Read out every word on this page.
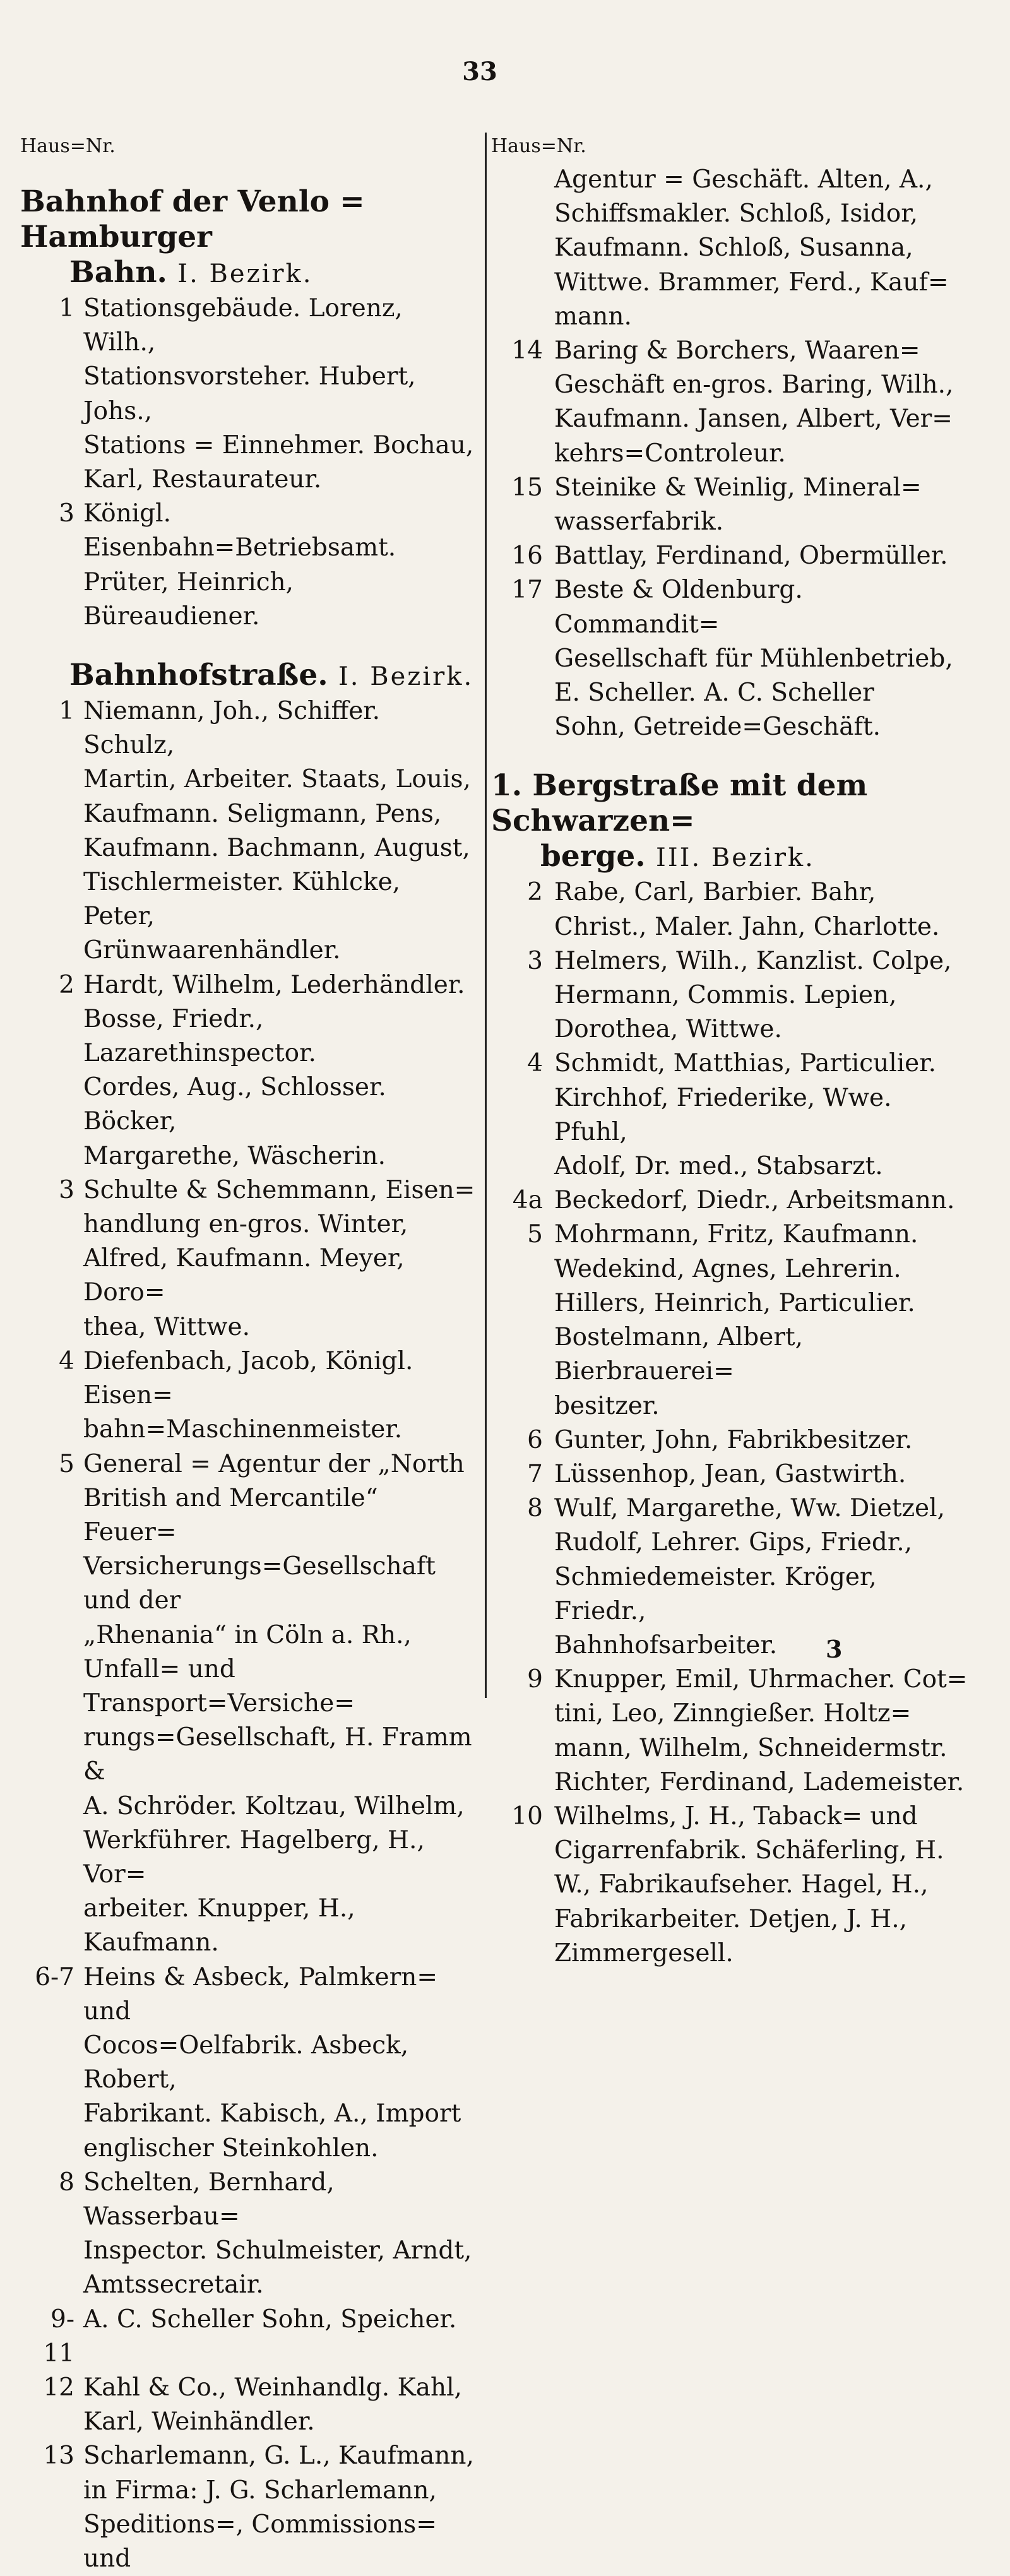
33
Haus=Nr.
Bahnhof der Venlo = Hamburger
Bahn. I. Bezirk.
1 Stationsgebäude. Lorenz, Wilh.,
Stationsvorsteher. Hubert, Johs.,
Stations = Einnehmer. Bochau,
Karl, Restaurateur.
3 Königl. Eisenbahn=Betriebsamt.
Prüter, Heinrich, Büreaudiener.
Bahnhofstraße. I. Bezirk.
1 Niemann, Joh., Schiffer. Schulz,
Martin, Arbeiter. Staats, Louis,
Kaufmann. Seligmann, Pens,
Kaufmann. Bachmann, August,
Tischlermeister. Kühlcke, Peter,
Grünwaarenhändler.
2 Hardt, Wilhelm, Lederhändler.
Bosse, Friedr., Lazarethinspector.
Cordes, Aug., Schlosser. Böcker,
Margarethe, Wäscherin.
3 Schulte & Schemmann, Eisen=
handlung en-gros. Winter,
Alfred, Kaufmann. Meyer, Doro=
thea, Wittwe.
4 Diefenbach, Jacob, Königl. Eisen=
bahn=Maschinenmeister.
5 General = Agentur der „North
British and Mercantile“ Feuer=
Versicherungs=Gesellschaft und der
„Rhenania“ in Cöln a. Rh.,
Unfall= und Transport=Versiche=
rungs=Gesellschaft, H. Framm &
A. Schröder. Koltzau, Wilhelm,
Werkführer. Hagelberg, H., Vor=
arbeiter. Knupper, H., Kaufmann.
6-7 Heins & Asbeck, Palmkern= und
Cocos=Oelfabrik. Asbeck, Robert,
Fabrikant. Kabisch, A., Import
englischer Steinkohlen.
8 Schelten, Bernhard, Wasserbau=
Inspector. Schulmeister, Arndt,
Amtssecretair.
9-11
A. C. Scheller Sohn, Speicher.
12 Kahl & Co., Weinhandlg. Kahl,
Karl, Weinhändler.
13 Scharlemann, G. L., Kaufmann,
in Firma: J. G. Scharlemann,
Speditions=, Commissions= und
Haus=Nr.
Agentur = Geschäft. Alten, A.,
Schiffsmakler. Schloß, Isidor,
Kaufmann. Schloß, Susanna,
Wittwe. Brammer, Ferd., Kauf=
mann.
14 Baring & Borchers, Waaren=
Geschäft en-gros. Baring, Wilh.,
Kaufmann. Jansen, Albert, Ver=
kehrs=Controleur.
15 Steinike & Weinlig, Mineral=
wasserfabrik.
16 Battlay, Ferdinand, Obermüller.
17 Beste & Oldenburg. Commandit=
Gesellschaft für Mühlenbetrieb,
E. Scheller. A. C. Scheller
Sohn, Getreide=Geschäft.
1. Bergstraße mit dem Schwarzen=
berge. III. Bezirk.
2 Rabe, Carl, Barbier. Bahr,
Christ., Maler. Jahn, Charlotte.
3 Helmers, Wilh., Kanzlist. Colpe,
Hermann, Commis. Lepien,
Dorothea, Wittwe.
4 Schmidt, Matthias, Particulier.
Kirchhof, Friederike, Wwe. Pfuhl,
Adolf, Dr. med., Stabsarzt.
4a Beckedorf, Diedr., Arbeitsmann.
5 Mohrmann, Fritz, Kaufmann.
Wedekind, Agnes, Lehrerin.
Hillers, Heinrich, Particulier.
Bostelmann, Albert, Bierbrauerei=
besitzer.
6 Gunter, John, Fabrikbesitzer.
7 Lüssenhop, Jean, Gastwirth.
8 Wulf, Margarethe, Ww. Dietzel,
Rudolf, Lehrer. Gips, Friedr.,
Schmiedemeister. Kröger, Friedr.,
Bahnhofsarbeiter.
9 Knupper, Emil, Uhrmacher. Cot=
tini, Leo, Zinngießer. Holtz=
mann, Wilhelm, Schneidermstr.
Richter, Ferdinand, Lademeister.
10 Wilhelms, J. H., Taback= und
Cigarrenfabrik. Schäferling, H.
W., Fabrikaufseher. Hagel, H.,
Fabrikarbeiter. Detjen, J. H.,
Zimmergesell.
3
